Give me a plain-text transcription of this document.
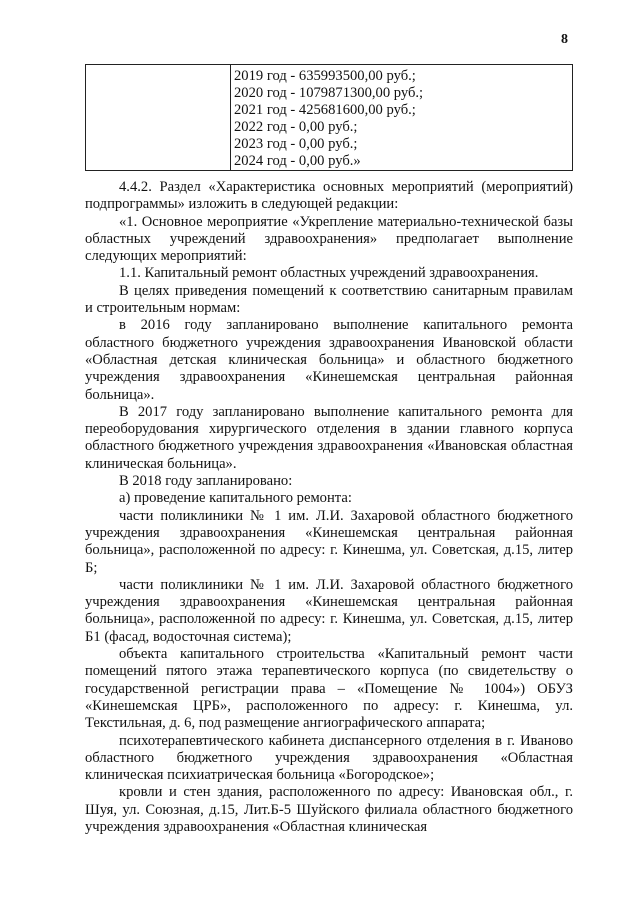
8

2019 год - 635993500,00 руб.;
2020 год - 1079871300,00 руб.;
2021 год - 425681600,00 руб.;
2022 год - 0,00 руб.;
2023 год - 0,00 руб.;
2024 год - 0,00 руб.»

4.4.2. Раздел «Характеристика основных мероприятий (мероприятий) подпрограммы» изложить в следующей редакции:

«1. Основное мероприятие «Укрепление материально-технической базы областных учреждений здравоохранения» предполагает выполнение следующих мероприятий:

1.1. Капитальный ремонт областных учреждений здравоохранения.

В целях приведения помещений к соответствию санитарным правилам и строительным нормам:

в 2016 году запланировано выполнение капитального ремонта областного бюджетного учреждения здравоохранения Ивановской области «Областная детская клиническая больница» и областного бюджетного учреждения здравоохранения «Кинешемская центральная районная больница».

В 2017 году запланировано выполнение капитального ремонта для переоборудования хирургического отделения в здании главного корпуса областного бюджетного учреждения здравоохранения «Ивановская областная клиническая больница».

В 2018 году запланировано:

а) проведение капитального ремонта:

части поликлиники № 1 им. Л.И. Захаровой областного бюджетного учреждения здравоохранения «Кинешемская центральная районная больница», расположенной по адресу: г. Кинешма, ул. Советская, д.15, литер Б;

части поликлиники № 1 им. Л.И. Захаровой областного бюджетного учреждения здравоохранения «Кинешемская центральная районная больница», расположенной по адресу: г. Кинешма, ул. Советская, д.15, литер Б1 (фасад, водосточная система);

объекта капитального строительства «Капитальный ремонт части помещений пятого этажа терапевтического корпуса (по свидетельству о государственной регистрации права – «Помещение № 1004») ОБУЗ «Кинешемская ЦРБ», расположенного по адресу: г. Кинешма, ул. Текстильная, д. 6, под размещение ангиографического аппарата;

психотерапевтического кабинета диспансерного отделения в г. Иваново областного бюджетного учреждения здравоохранения «Областная клиническая психиатрическая больница «Богородское»;

кровли и стен здания, расположенного по адресу: Ивановская обл., г. Шуя, ул. Союзная, д.15, Лит.Б-5 Шуйского филиала областного бюджетного учреждения здравоохранения «Областная клиническая
